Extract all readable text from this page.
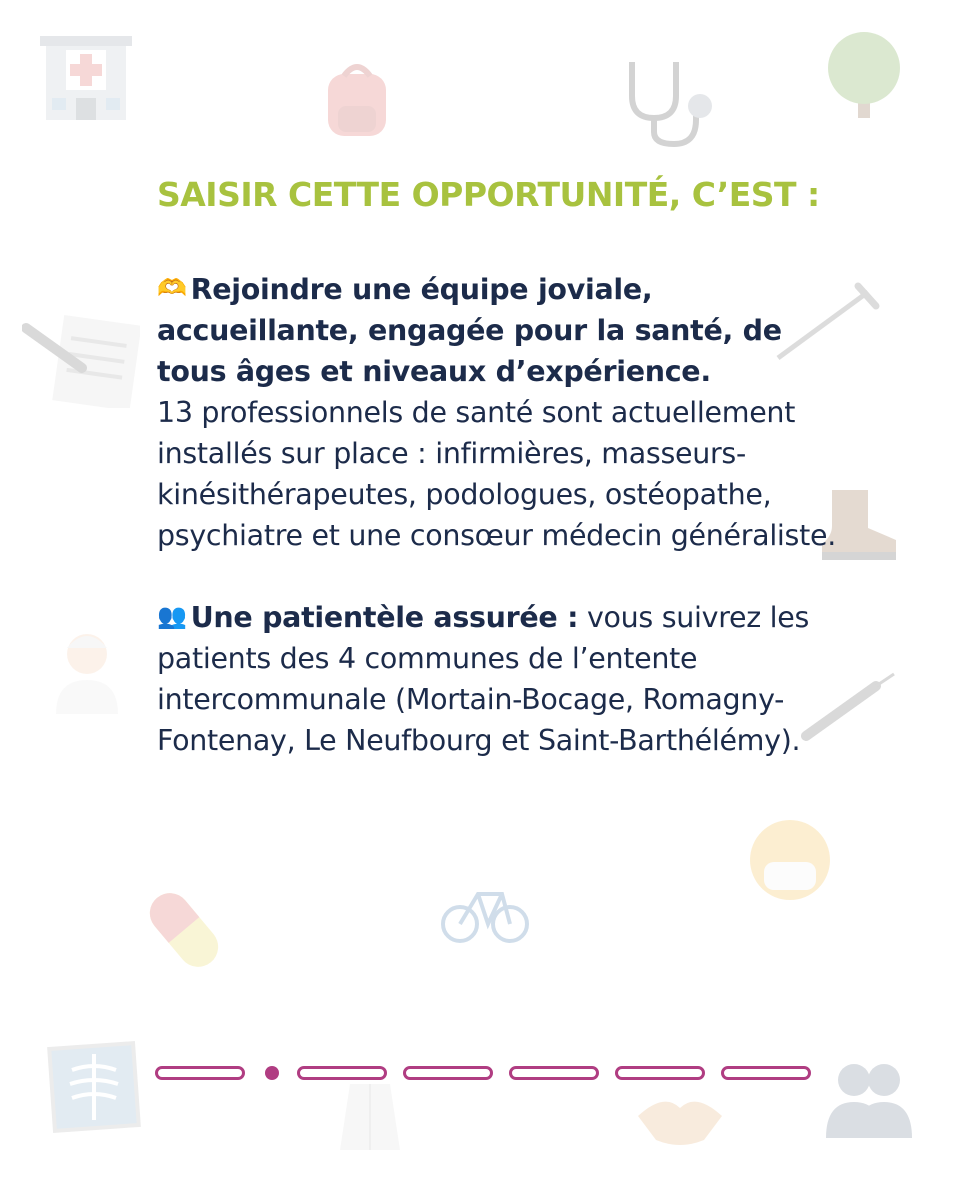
SAISIR CETTE OPPORTUNITÉ, C’EST :

🫶 Rejoindre une équipe joviale, accueillante, engagée pour la santé, de tous âges et niveaux d’expérience.
13 professionnels de santé sont actuellement installés sur place : infirmières, masseurs-kinésithérapeutes, podologues, ostéopathe, psychiatre et une consœur médecin généraliste.

👥 Une patientèle assurée : vous suivrez les patients des 4 communes de l’entente intercommunale (Mortain-Bocage, Romagny-Fontenay, Le Neufbourg et Saint-Barthélémy).
